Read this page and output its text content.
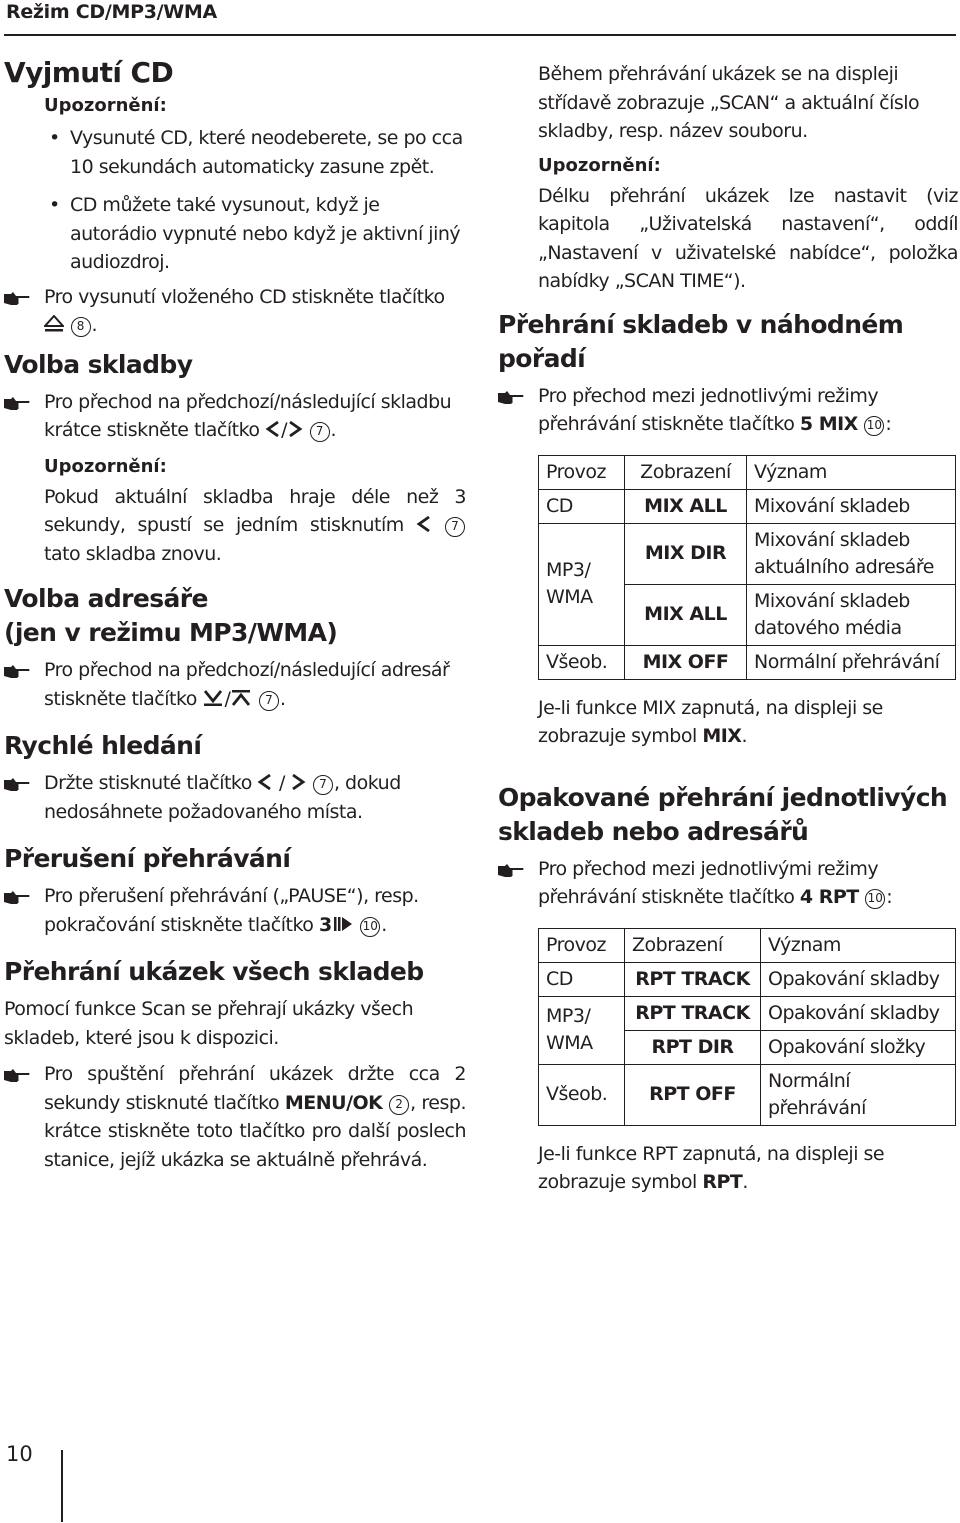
Režim CD/MP3/WMA
Vyjmutí CD
Upozornění:
• Vysunuté CD, které neodeberete, se po cca 10 sekundách automaticky zasune zpět.
• CD můžete také vysunout, když je autorádio vypnuté nebo když je aktivní jiný audiozdroj.
Pro vysunutí vloženého CD stiskněte tlačítko
8 .
Volba skladby
Pro přechod na předchozí/následující skladbu krátce stiskněte tlačítko / 7 .
Upozornění:
Pokud aktuální skladba hraje déle než 3 sekundy, spustí se jedním stisknutím	7 tato skladba znovu.
Volba adresáře
(jen v režimu MP3/WMA)
Pro přechod na předchozí/následující adresář stiskněte tlačítko /	7 .
Rychlé hledání
Držte stisknuté tlačítko  /  7 , dokud nedosáhnete požadovaného místa.
Přerušení přehrávání
Pro přerušení přehrávání („PAUSE“), resp. pokračování stiskněte tlačítko 3	10 .
Přehrání ukázek všech skladeb
Pomocí funkce Scan se přehrají ukázky všech skladeb, které jsou k dispozici.
Pro spuštění přehrání ukázek držte cca 2 sekundy stisknuté tlačítko MENU/OK 2 , resp. krátce stiskněte toto tlačítko pro další poslech stanice, jejíž ukázka se aktuálně přehrává.
Během přehrávání ukázek se na displeji střídavě zobrazuje „SCAN“ a aktuální číslo skladby, resp. název souboru.
Upozornění:
Délku přehrání ukázek lze nastavit (viz kapitola „Uživatelská nastavení“, oddíl „Nastavení v uživatelské nabídce“, položka nabídky „SCAN TIME“).
Přehrání skladeb v náhodném pořadí
Pro přechod mezi jednotlivými režimy přehrávání stiskněte tlačítko 5 MIX 10 :
Provoz	Zobrazení	Význam
CD	MIX ALL	Mixování skladeb
MP3/ WMA	MIX DIR	Mixování skladeb aktuálního adresáře
	MIX ALL	Mixování skladeb datového média
Všeob.	MIX OFF	Normální přehrávání
Je-li funkce MIX zapnutá, na displeji se zobrazuje symbol MIX.
Opakované přehrání jednotlivých
skladeb nebo adresářů
Pro přechod mezi jednotlivými režimy přehrávání stiskněte tlačítko 4 RPT 10 :
Provoz	Zobrazení	Význam
CD	RPT TRACK	Opakování skladby
MP3/ WMA	RPT TRACK	Opakování skladby
	RPT DIR	Opakování složky
Všeob.	RPT OFF	Normální přehrávání
Je-li funkce RPT zapnutá, na displeji se zobrazuje symbol RPT.
10
